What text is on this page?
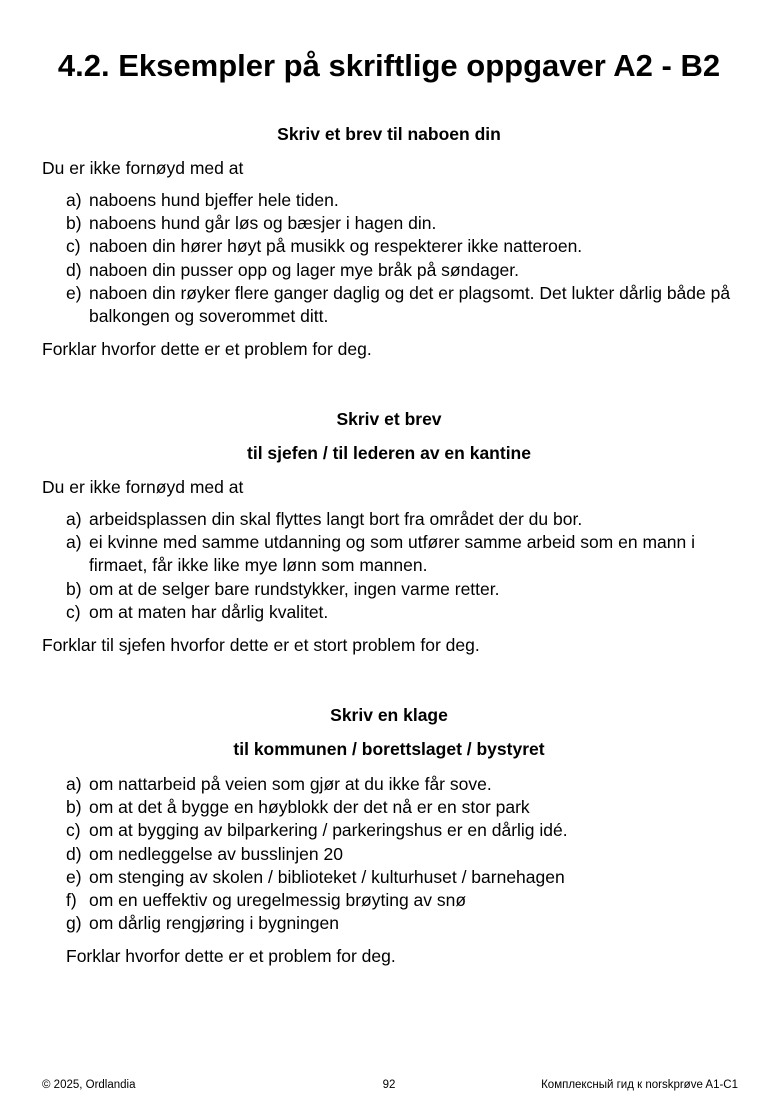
4.2. Eksempler på skriftlige oppgaver A2 - B2

Skriv et brev til naboen din

Du er ikke fornøyd med at

a) naboens hund bjeffer hele tiden.
b) naboens hund går løs og bæsjer i hagen din.
c) naboen din hører høyt på musikk og respekterer ikke natteroen.
d) naboen din pusser opp og lager mye bråk på søndager.
e) naboen din røyker flere ganger daglig og det er plagsomt. Det lukter dårlig både på balkongen og soverommet ditt.

Forklar hvorfor dette er et problem for deg.

Skriv et brev

til sjefen / til lederen av en kantine

Du er ikke fornøyd med at

a) arbeidsplassen din skal flyttes langt bort fra området der du bor.
a) ei kvinne med samme utdanning og som utfører samme arbeid som en mann i firmaet, får ikke like mye lønn som mannen.
b) om at de selger bare rundstykker, ingen varme retter.
c) om at maten har dårlig kvalitet.

Forklar til sjefen hvorfor dette er et stort problem for deg.

Skriv en klage

til kommunen / borettslaget / bystyret

a) om nattarbeid på veien som gjør at du ikke får sove.
b) om at det å bygge en høyblokk der det nå er en stor park
c) om at bygging av bilparkering / parkeringshus er en dårlig idé.
d) om nedleggelse av busslinjen 20
e) om stenging av skolen / biblioteket / kulturhuset / barnehagen
f) om en ueffektiv og uregelmessig brøyting av snø
g) om dårlig rengjøring i bygningen

Forklar hvorfor dette er et problem for deg.

© 2025, Ordlandia	92	Комплексный гид к norskprøve A1-C1
